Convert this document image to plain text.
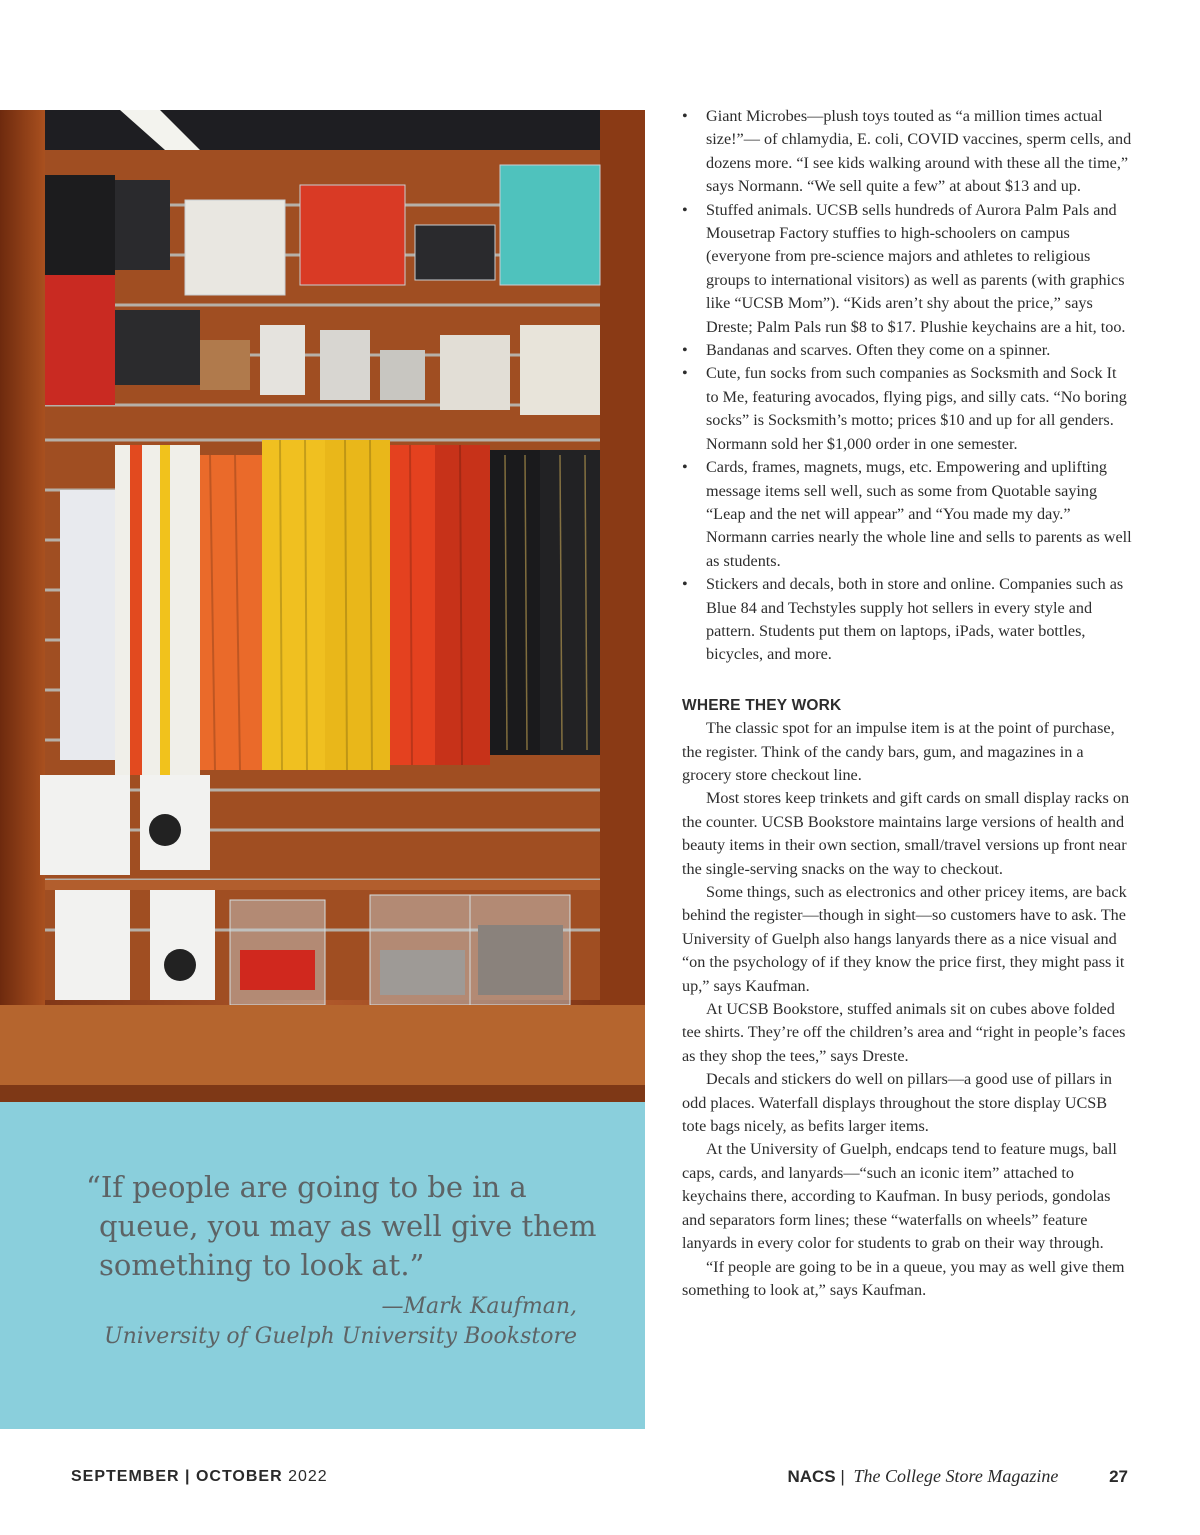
“If people are going to be in a
queue, you may as well give them
something to look at.”
—Mark Kaufman,
University of Guelph University Bookstore
• Giant Microbes—plush toys touted as “a million times actual size!”— of chlamydia, E. coli, COVID vaccines, sperm cells, and dozens more. “I see kids walking around with these all the time,” says Normann. “We sell quite a few” at about $13 and up.
• Stuffed animals. UCSB sells hundreds of Aurora Palm Pals and Mousetrap Factory stuffies to high-schoolers on campus (everyone from pre-science majors and athletes to religious groups to international visitors) as well as parents (with graphics like “UCSB Mom”). “Kids aren’t shy about the price,” says Dreste; Palm Pals run $8 to $17. Plushie keychains are a hit, too.
• Bandanas and scarves. Often they come on a spinner.
• Cute, fun socks from such companies as Socksmith and Sock It to Me, featuring avocados, flying pigs, and silly cats. “No boring socks” is Socksmith’s motto; prices $10 and up for all genders. Normann sold her $1,000 order in one semester.
• Cards, frames, magnets, mugs, etc. Empowering and uplifting message items sell well, such as some from Quotable saying “Leap and the net will appear” and “You made my day.” Normann carries nearly the whole line and sells to parents as well as students.
• Stickers and decals, both in store and online. Companies such as Blue 84 and Techstyles supply hot sellers in every style and pattern. Students put them on laptops, iPads, water bottles, bicycles, and more.
WHERE THEY WORK

The classic spot for an impulse item is at the point of purchase, the register. Think of the candy bars, gum, and magazines in a grocery store checkout line.

Most stores keep trinkets and gift cards on small display racks on the counter. UCSB Bookstore maintains large versions of health and beauty items in their own section, small/travel versions up front near the single-serving snacks on the way to checkout.

Some things, such as electronics and other pricey items, are back behind the register—though in sight—so customers have to ask. The University of Guelph also hangs lanyards there as a nice visual and “on the psychology of if they know the price first, they might pass it up,” says Kaufman.

At UCSB Bookstore, stuffed animals sit on cubes above folded tee shirts. They’re off the children’s area and “right in people’s faces as they shop the tees,” says Dreste.

Decals and stickers do well on pillars—a good use of pillars in odd places. Waterfall displays throughout the store display UCSB tote bags nicely, as befits larger items.

At the University of Guelph, endcaps tend to feature mugs, ball caps, cards, and lanyards—“such an iconic item” attached to keychains there, according to Kaufman. In busy periods, gondolas and separators form lines; these “waterfalls on wheels” feature lanyards in every color for students to grab on their way through.

“If people are going to be in a queue, you may as well give them something to look at,” says Kaufman.

SEPTEMBER | OCTOBER 2022	NACS | The College Store Magazine	27
